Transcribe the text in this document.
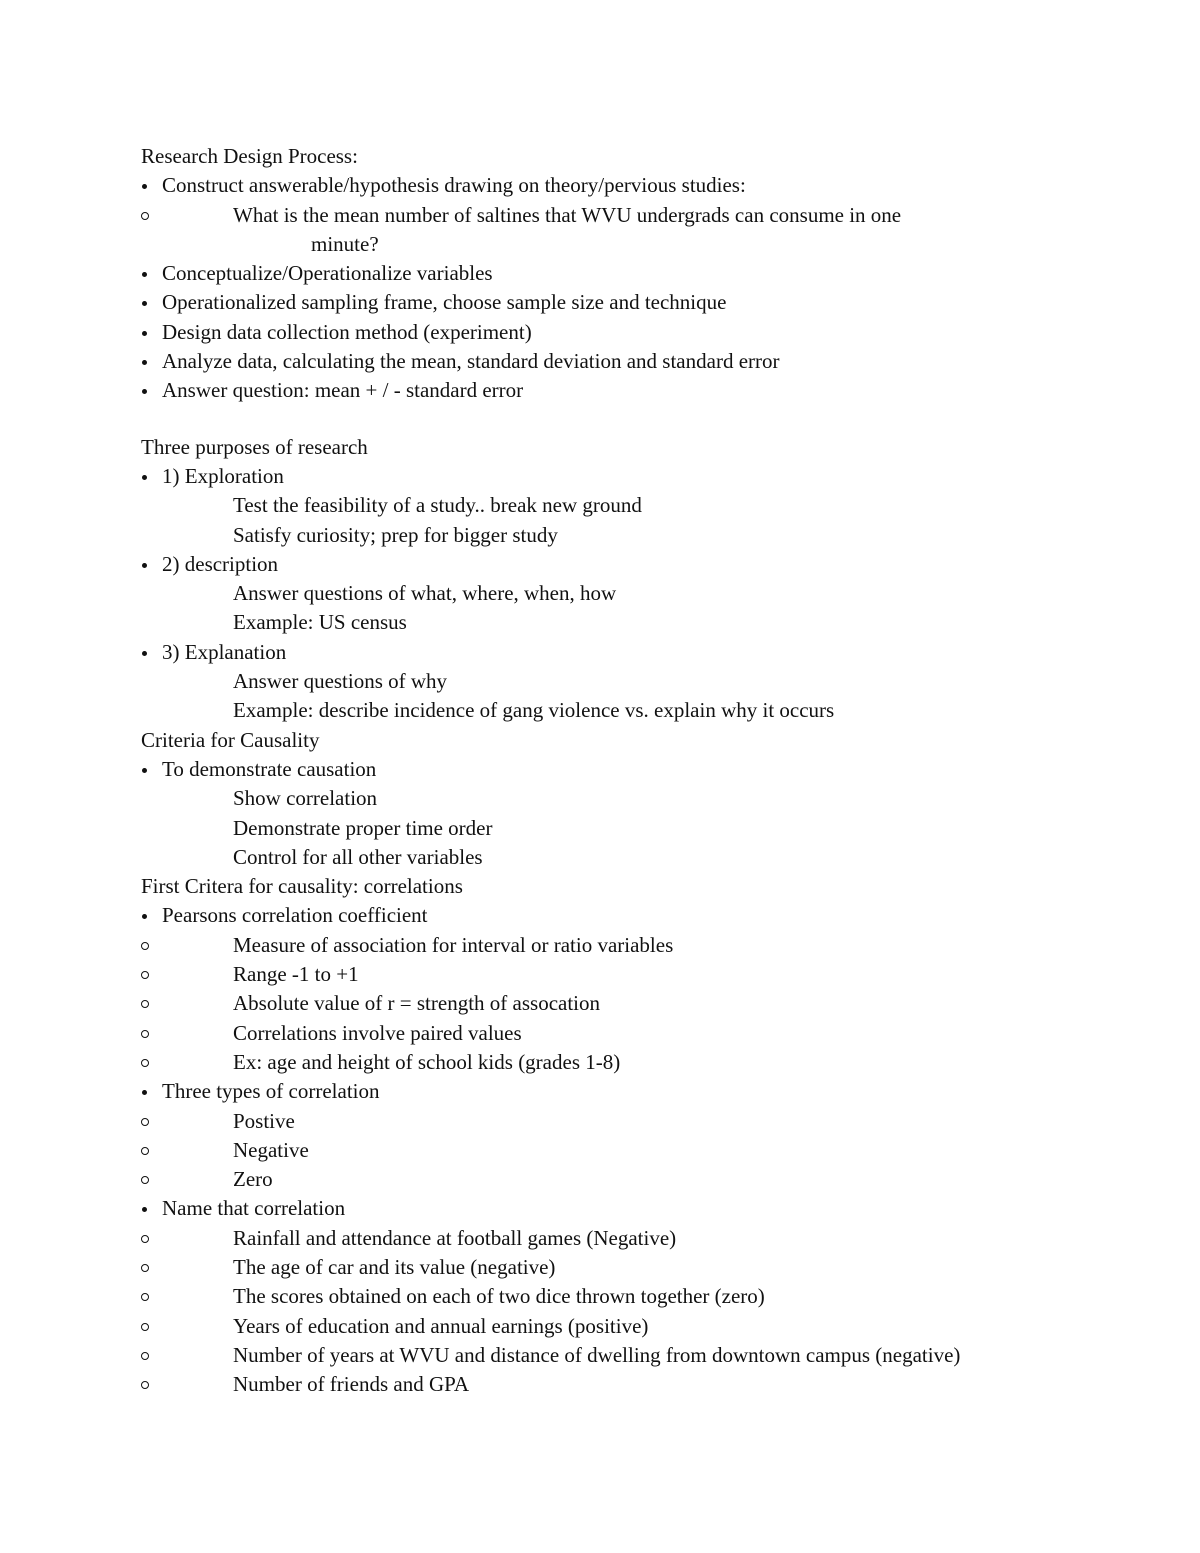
Research Design Process:
Construct answerable/hypothesis drawing on theory/pervious studies:
What is the mean number of saltines that WVU undergrads can consume in one
minute?
Conceptualize/Operationalize variables
Operationalized sampling frame, choose sample size and technique
Design data collection method (experiment)
Analyze data, calculating the mean, standard deviation and standard error
Answer question: mean + / - standard error
Three purposes of research
1) Exploration
Test the feasibility of a study.. break new ground
Satisfy curiosity; prep for bigger study
2) description
Answer questions of what, where, when, how
Example: US census
3) Explanation
Answer questions of why
Example: describe incidence of gang violence vs. explain why it occurs
Criteria for Causality
To demonstrate causation
Show correlation
Demonstrate proper time order
Control for all other variables
First Critera for causality: correlations
Pearsons correlation coefficient
Measure of association for interval or ratio variables
Range -1 to +1
Absolute value of r = strength of assocation
Correlations involve paired values
Ex: age and height of school kids (grades 1-8)
Three types of correlation
Postive
Negative
Zero
Name that correlation
Rainfall and attendance at football games (Negative)
The age of car and its value (negative)
The scores obtained on each of two dice thrown together (zero)
Years of education and annual earnings (positive)
Number of years at WVU and distance of dwelling from downtown campus (negative)
Number of friends and GPA
